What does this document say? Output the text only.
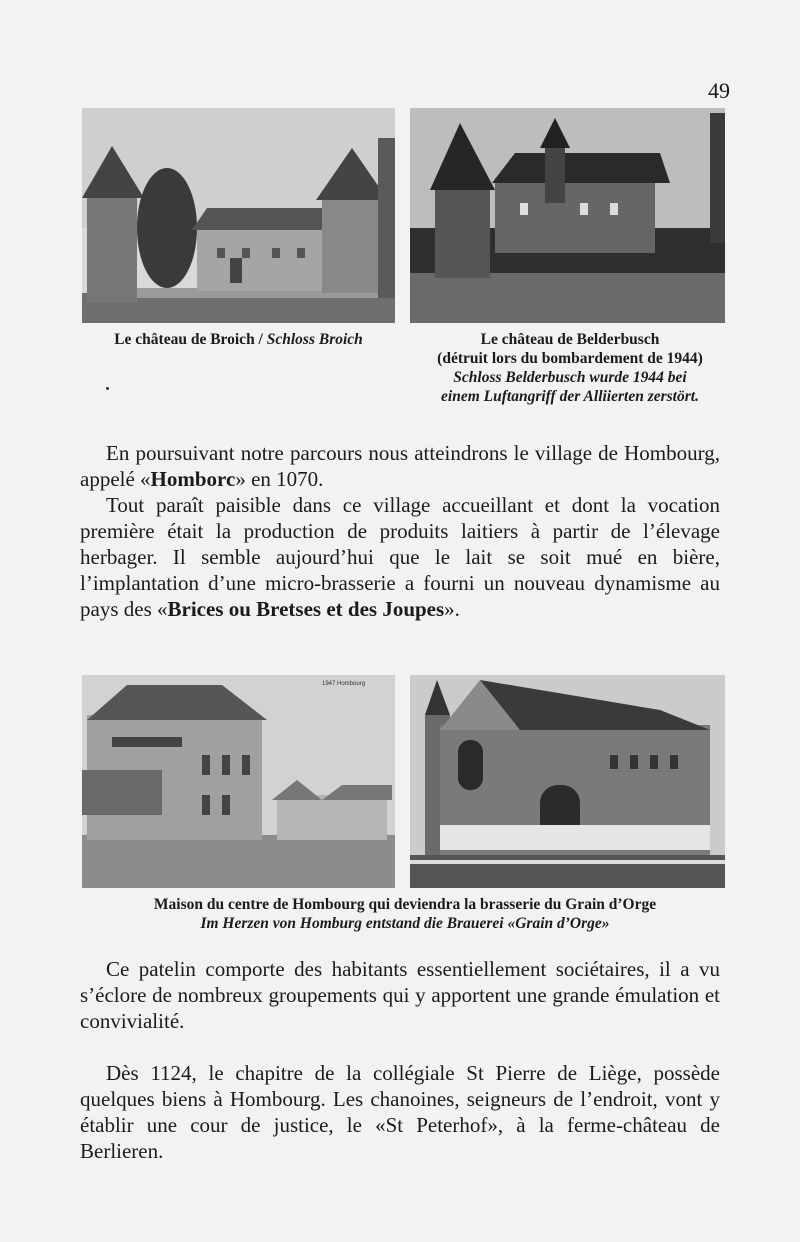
49
Le château de Broich / Schloss Broich	Le château de Belderbusch
(détruit lors du bombardement de 1944)
Schloss Belderbusch wurde 1944 bei
einem Luftangriff der Alliierten zerstört.

En poursuivant notre parcours nous atteindrons le village de Hombourg, appelé «Homborc» en 1070.

Tout paraît paisible dans ce village accueillant et dont la vocation première était la production de produits laitiers à partir de l’élevage herbager. Il semble aujourd’hui que le lait se soit mué en bière, l’implantation d’une micro-brasserie a fourni un nouveau dynamisme au pays des «Brices ou Bretses et des Joupes».

1947 Hombourg
Maison du centre de Hombourg qui deviendra la brasserie du Grain d’Orge
Im Herzen von Homburg entstand die Brauerei «Grain d’Orge»

Ce patelin comporte des habitants essentiellement sociétaires, il a vu s’éclore de nombreux groupements qui y apportent une grande émulation et convivialité.

Dès 1124, le chapitre de la collégiale St Pierre de Liège, possède quelques biens à Hombourg. Les chanoines, seigneurs de l’endroit, vont y établir une cour de justice, le «St Peterhof», à la ferme-château de Berlieren.
